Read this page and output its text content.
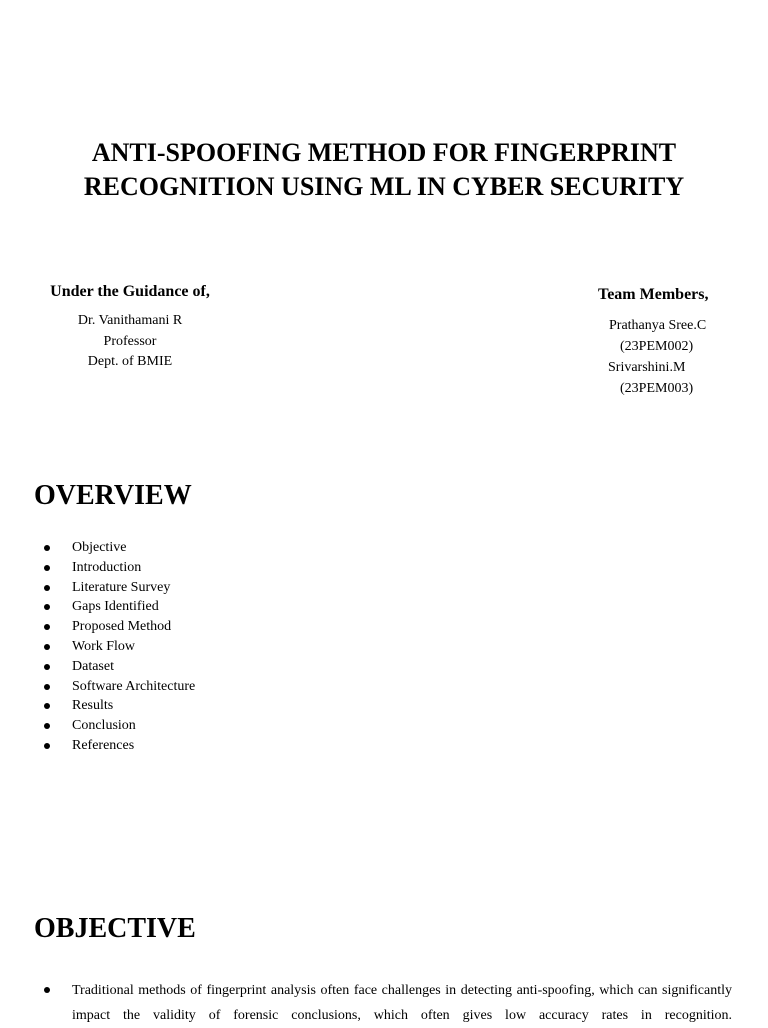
ANTI-SPOOFING METHOD FOR FINGERPRINT
RECOGNITION USING ML IN CYBER SECURITY
Under the Guidance of,
Dr. Vanithamani R
Professor
Dept. of BMIE
Team Members,
Prathanya Sree.C
(23PEM002)
Srivarshini.M
(23PEM003)
OVERVIEW
Objective
Introduction
Literature Survey
Gaps Identified
Proposed Method
Work Flow
Dataset
Software Architecture
Results
Conclusion
References
OBJECTIVE
Traditional methods of fingerprint analysis often face challenges in detecting anti-spoofing, which can significantly impact the validity of forensic conclusions, which often gives low accuracy rates in recognition.
